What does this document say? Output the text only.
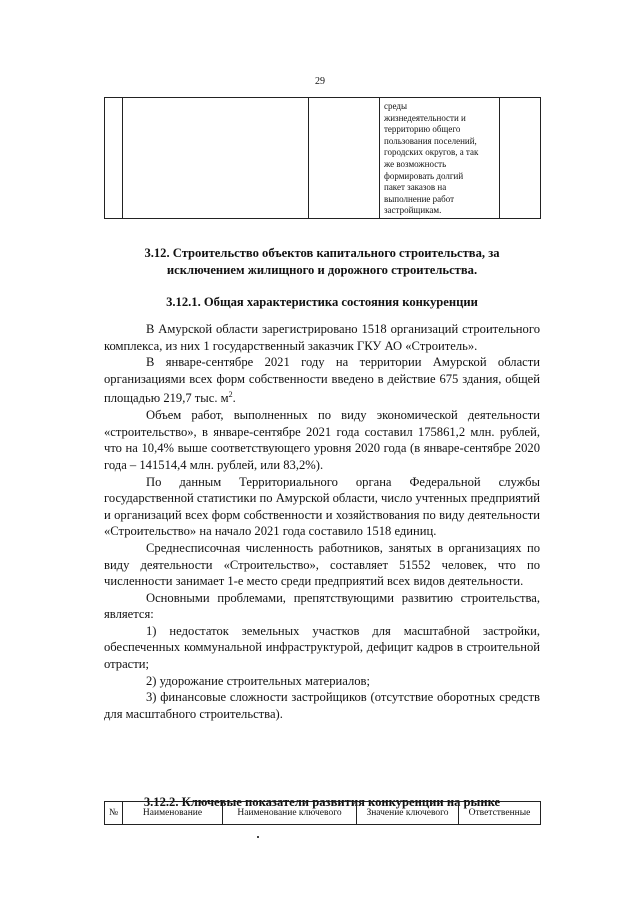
29

среды
жизнедеятельности и
территорию общего
пользования поселений,
городских округов, а так
же возможность
формировать долгий
пакет заказов на
выполнение работ
застройщикам.

3.12. Строительство объектов капитального строительства, за
исключением жилищного и дорожного строительства.
3.12.1. Общая характеристика состояния конкуренции

В Амурской области зарегистрировано 1518 организаций строительного комплекса, из них 1 государственный заказчик ГКУ АО «Строитель».

В январе-сентябре 2021 году на территории Амурской области организациями всех форм собственности введено в действие 675 здания, общей площадью 219,7 тыс. $м^2$.

Объем работ, выполненных по виду экономической деятельности «строительство», в январе-сентябре 2021 года составил 175861,2 млн. рублей, что на 10,4% выше соответствующего уровня 2020 года (в январе-сентябре 2020 года – 141514,4 млн. рублей, или 83,2%).

По данным Территориального органа Федеральной службы государственной статистики по Амурской области, число учтенных предприятий и организаций всех форм собственности и хозяйствования по виду деятельности «Строительство» на начало 2021 года составило 1518 единиц.

Среднесписочная численность работников, занятых в организациях по виду деятельности «Строительство», составляет 51552 человек, что по численности занимает 1-е место среди предприятий всех видов деятельности.

Основными проблемами, препятствующими развитию строительства, является:

1) недостаток земельных участков для масштабной застройки, обеспеченных коммунальной инфраструктурой, дефицит кадров в строительной отрасти;

2) удорожание строительных материалов;

3) финансовые сложности застройщиков (отсутствие оборотных средств для масштабного строительства).

3.12.2. Ключевые показатели развития конкуренции на рынке
№	Наименование	Наименование ключевого	Значение ключевого	Ответственные
